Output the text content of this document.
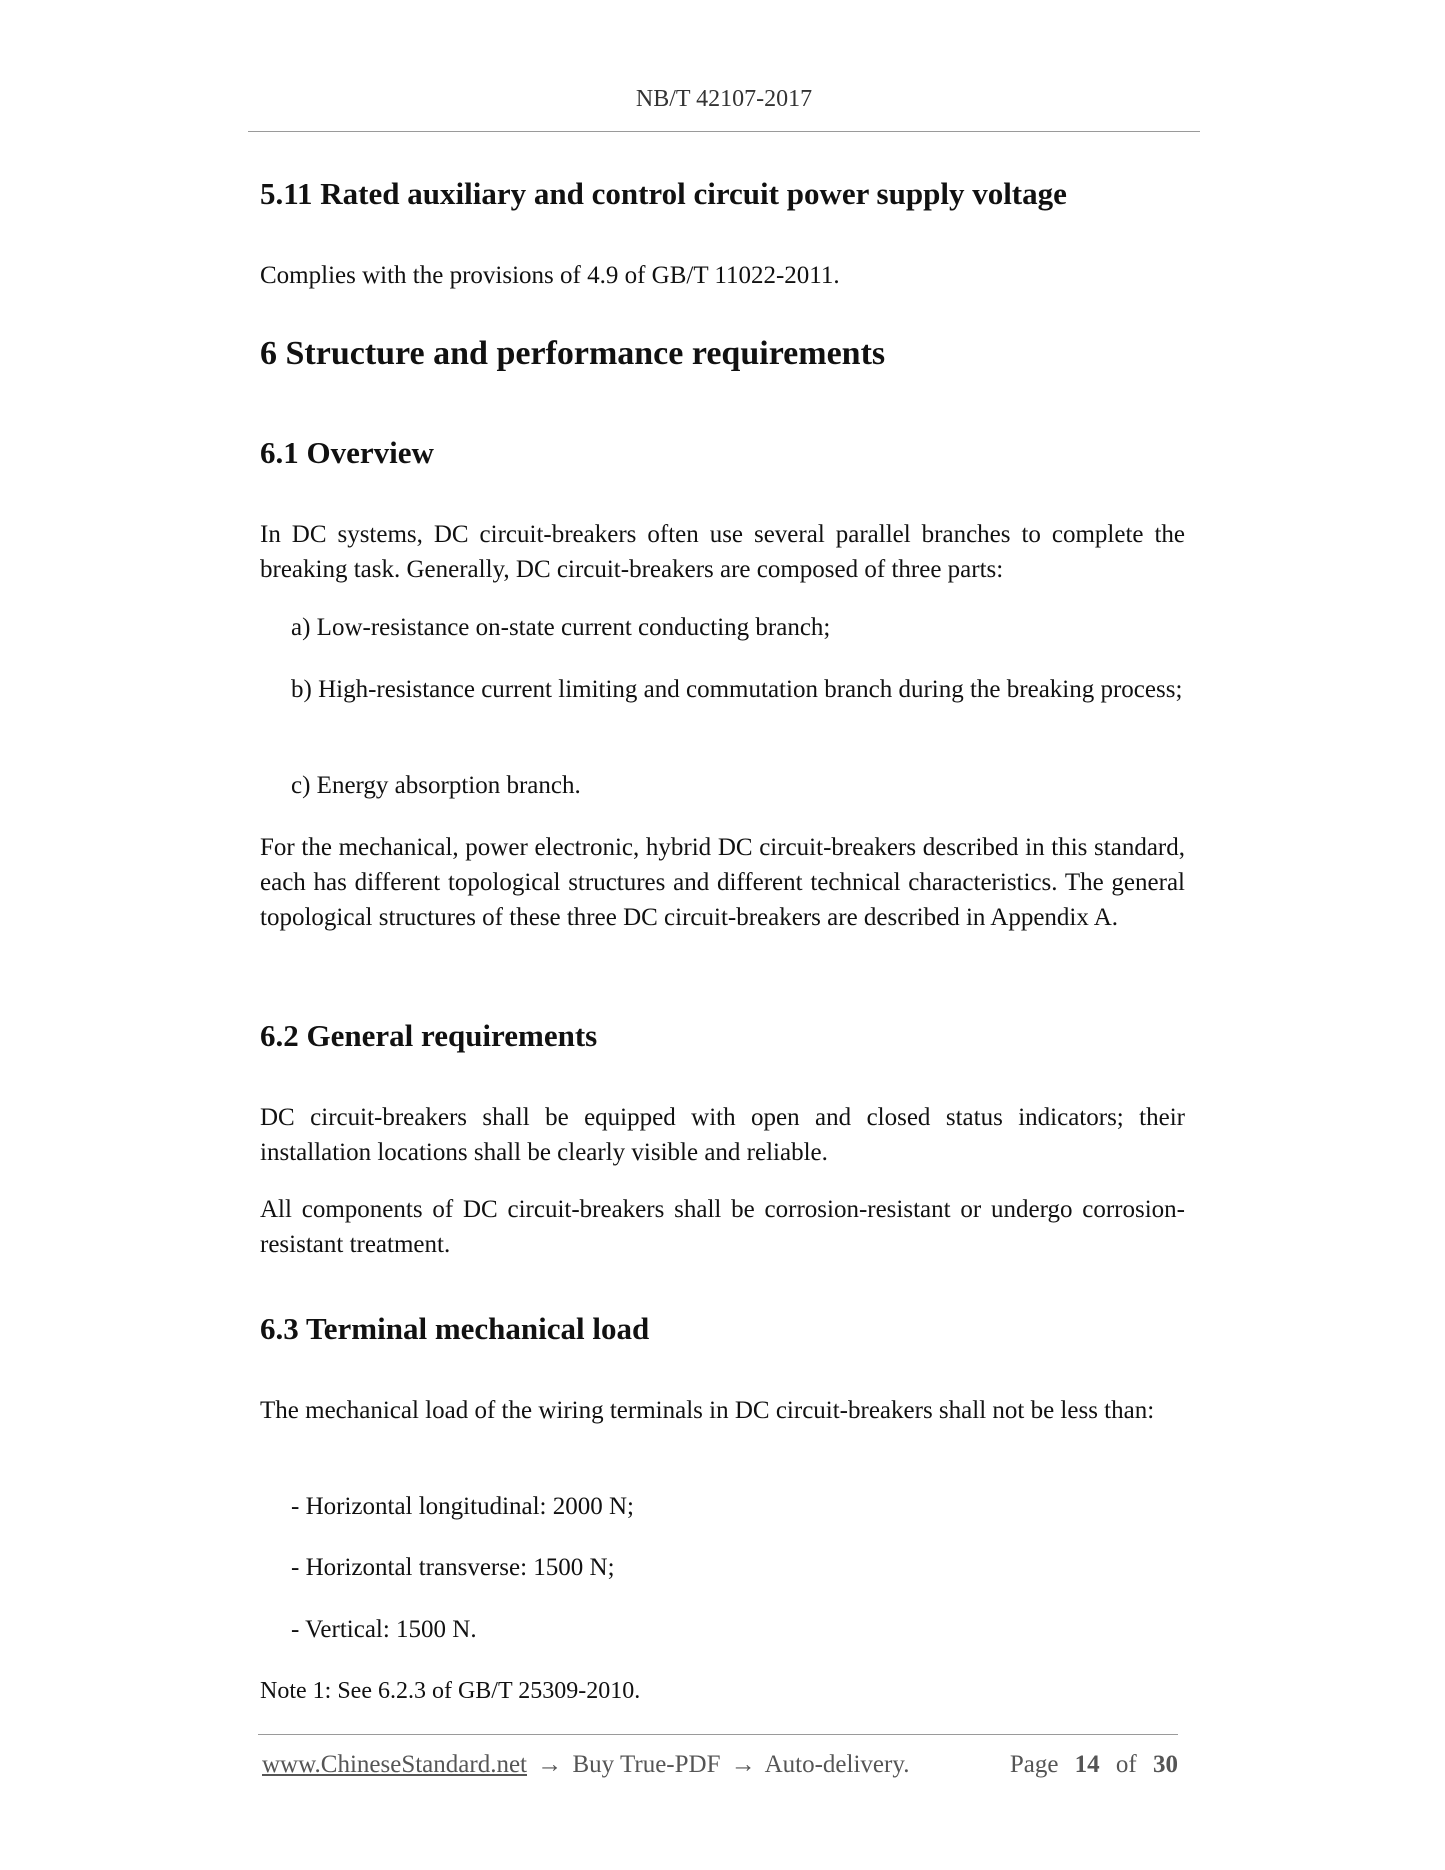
NB/T 42107-2017
5.11 Rated auxiliary and control circuit power supply voltage
Complies with the provisions of 4.9 of GB/T 11022-2011.
6 Structure and performance requirements
6.1 Overview
In DC systems, DC circuit-breakers often use several parallel branches to complete the breaking task. Generally, DC circuit-breakers are composed of three parts:
a) Low-resistance on-state current conducting branch;
b) High-resistance current limiting and commutation branch during the breaking process;
c) Energy absorption branch.
For the mechanical, power electronic, hybrid DC circuit-breakers described in this standard, each has different topological structures and different technical characteristics. The general topological structures of these three DC circuit-breakers are described in Appendix A.
6.2 General requirements
DC circuit-breakers shall be equipped with open and closed status indicators; their installation locations shall be clearly visible and reliable.
All components of DC circuit-breakers shall be corrosion-resistant or undergo corrosion-resistant treatment.
6.3 Terminal mechanical load
The mechanical load of the wiring terminals in DC circuit-breakers shall not be less than:
- Horizontal longitudinal: 2000 N;
- Horizontal transverse: 1500 N;
- Vertical: 1500 N.
Note 1: See 6.2.3 of GB/T 25309-2010.
www.ChineseStandard.net → Buy True-PDF → Auto-delivery.	Page 14 of 30
